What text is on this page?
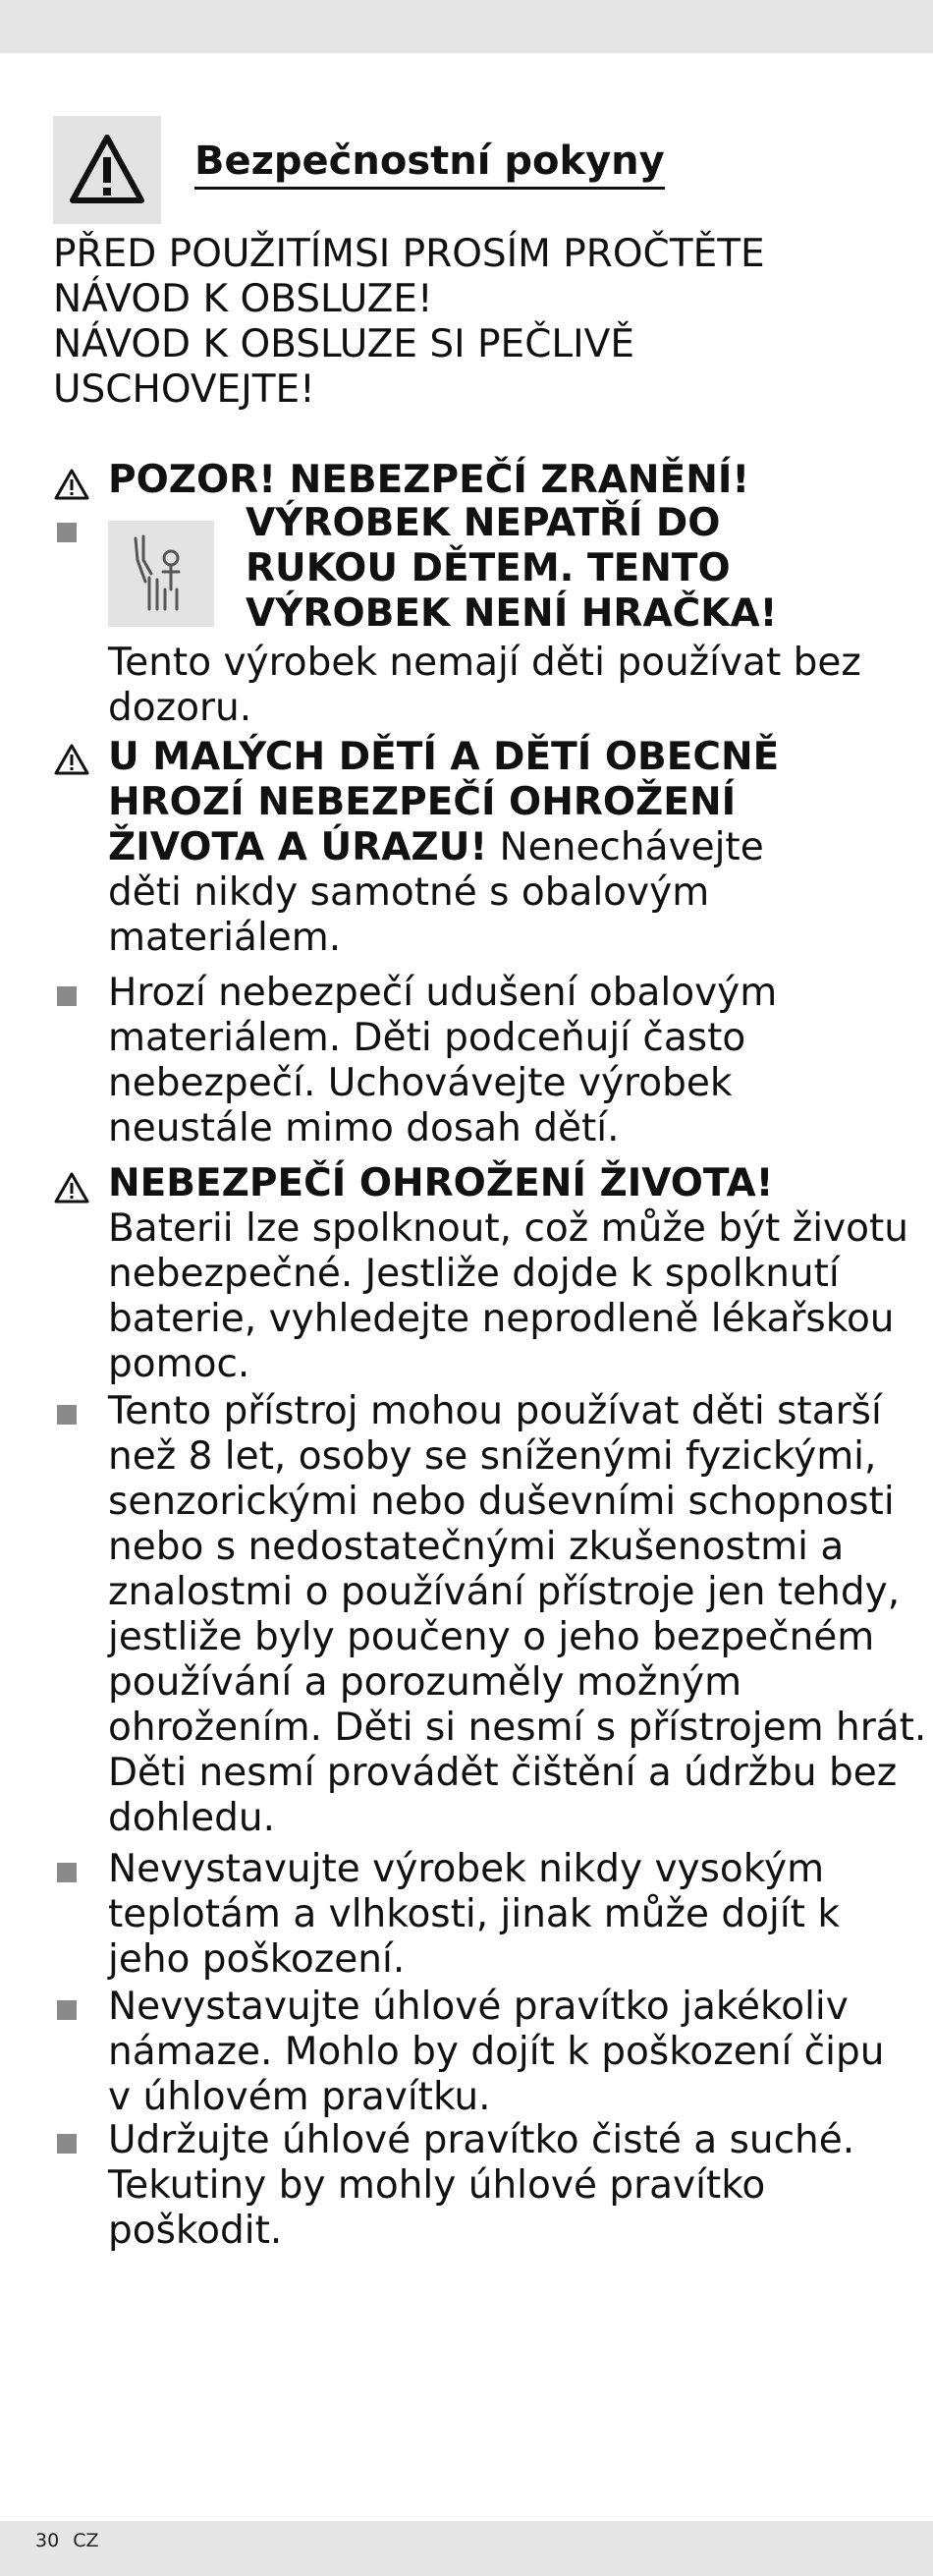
Bezpečnostní pokyny
PŘED POUŽITÍMSI PROSÍM PROČTĚTE
NÁVOD K OBSLUZE!
NÁVOD K OBSLUZE SI PEČLIVĚ
USCHOVEJTE!
POZOR! NEBEZPEČÍ ZRANĚNÍ!
VÝROBEK NEPATŘÍ DO
RUKOU DĚTEM. TENTO
VÝROBEK NENÍ HRAČKA!
Tento výrobek nemají děti používat bez
dozoru.
U MALÝCH DĚTÍ A DĚTÍ OBECNĚ
HROZÍ NEBEZPEČÍ OHROŽENÍ
ŽIVOTA A ÚRAZU! Nenechávejte
děti nikdy samotné s obalovým
materiálem.
Hrozí nebezpečí udušení obalovým
materiálem. Děti podceňují často
nebezpečí. Uchovávejte výrobek
neustále mimo dosah dětí.
NEBEZPEČÍ OHROŽENÍ ŽIVOTA!
Baterii lze spolknout, což může být životu
nebezpečné. Jestliže dojde k spolknutí
baterie, vyhledejte neprodleně lékařskou
pomoc.
Tento přístroj mohou používat děti starší
než 8 let, osoby se sníženými fyzickými,
senzorickými nebo duševními schopnosti
nebo s nedostatečnými zkušenostmi a
znalostmi o používání přístroje jen tehdy,
jestliže byly poučeny o jeho bezpečném
používání a porozuměly možným
ohrožením. Děti si nesmí s přístrojem hrát.
Děti nesmí provádět čištění a údržbu bez
dohledu.
Nevystavujte výrobek nikdy vysokým
teplotám a vlhkosti, jinak může dojít k
jeho poškození.
Nevystavujte úhlové pravítko jakékoliv
námaze. Mohlo by dojít k poškození čipu
v úhlovém pravítku.
Udržujte úhlové pravítko čisté a suché.
Tekutiny by mohly úhlové pravítko
poškodit.
30 CZ
